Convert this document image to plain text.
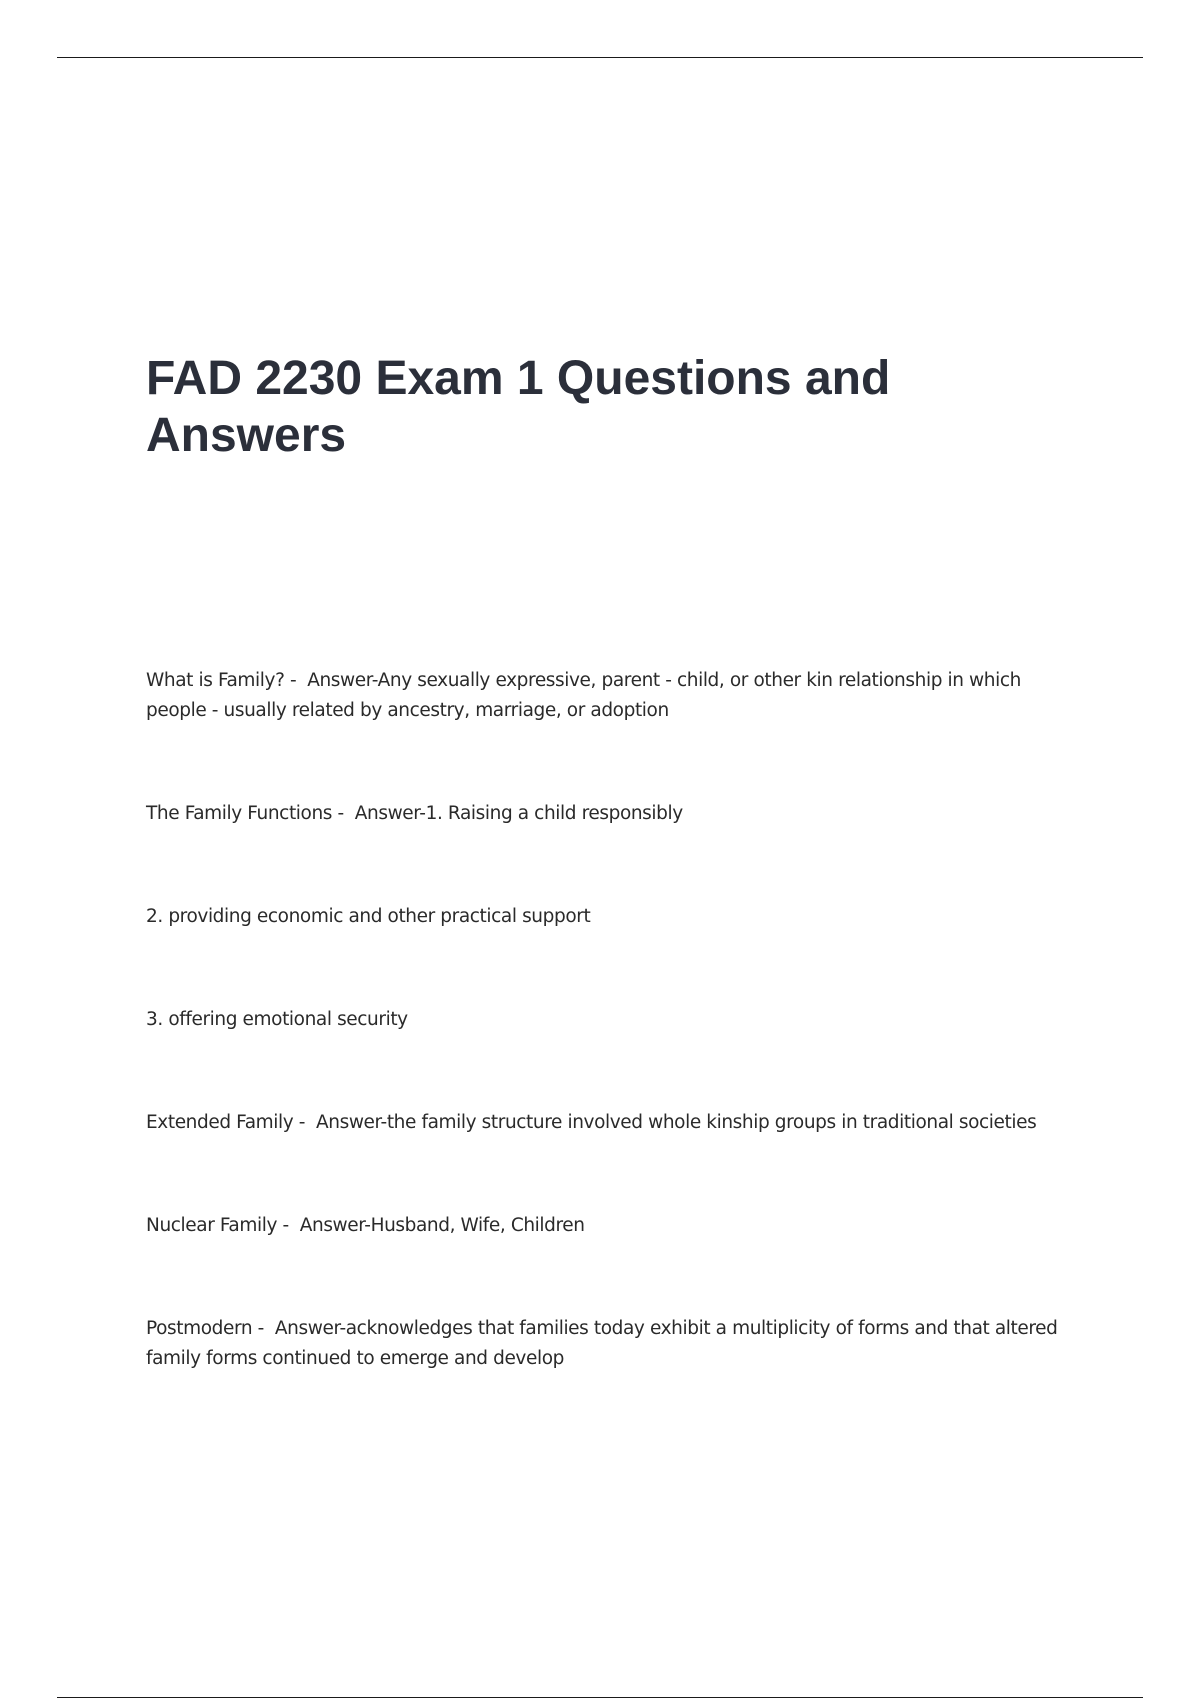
FAD 2230 Exam 1 Questions and
Answers

What is Family? -  Answer-Any sexually expressive, parent - child, or other kin relationship in which people - usually related by ancestry, marriage, or adoption

The Family Functions -  Answer-1. Raising a child responsibly

2. providing economic and other practical support

3. offering emotional security

Extended Family -  Answer-the family structure involved whole kinship groups in traditional societies

Nuclear Family -  Answer-Husband, Wife, Children

Postmodern -  Answer-acknowledges that families today exhibit a multiplicity of forms and that altered family forms continued to emerge and develop
